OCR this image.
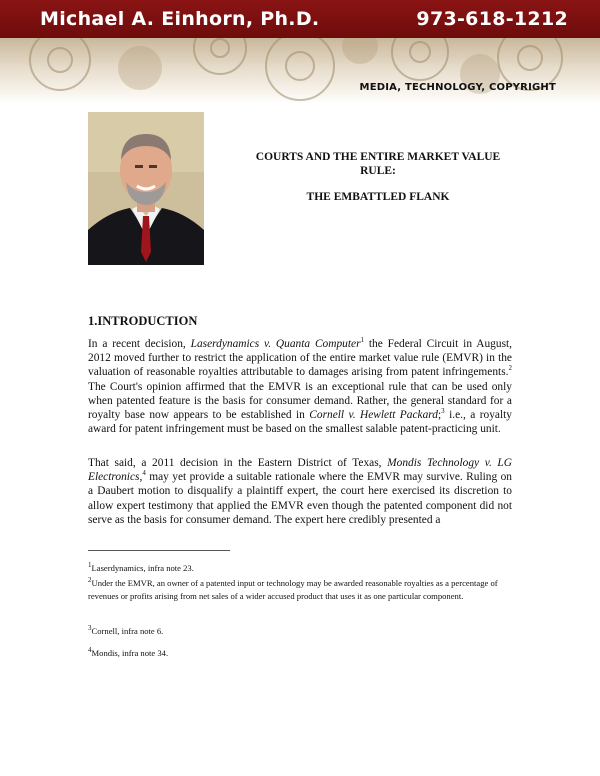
Michael A. Einhorn, Ph.D.	973-618-1212
MEDIA, TECHNOLOGY, COPYRIGHT
COURTS AND THE ENTIRE MARKET VALUE RULE:
THE EMBATTLED FLANK
1.INTRODUCTION
In a recent decision, Laserdynamics v. Quanta Computer$^1$ the Federal Circuit in August, 2012 moved further to restrict the application of the entire market value rule (EMVR) in the valuation of reasonable royalties attributable to damages arising from patent infringements.$^2$ The Court's opinion affirmed that the EMVR is an exceptional rule that can be used only when patented feature is the basis for consumer demand. Rather, the general standard for a royalty base now appears to be established in Cornell v. Hewlett Packard;$^3$ i.e., a royalty award for patent infringement must be based on the smallest salable patent-practicing unit.
That said, a 2011 decision in the Eastern District of Texas, Mondis Technology v. LG Electronics,$^4$ may yet provide a suitable rationale where the EMVR may survive. Ruling on a Daubert motion to disqualify a plaintiff expert, the court here exercised its discretion to allow expert testimony that applied the EMVR even though the patented component did not serve as the basis for consumer demand. The expert here credibly presented a
$^1$Laserdynamics, infra note 23.
$^2$Under the EMVR, an owner of a patented input or technology may be awarded reasonable royalties as a percentage of revenues or profits arising from net sales of a wider accused product that uses it as one particular component.
$^3$Cornell, infra note 6.
$^4$Mondis, infra note 34.
